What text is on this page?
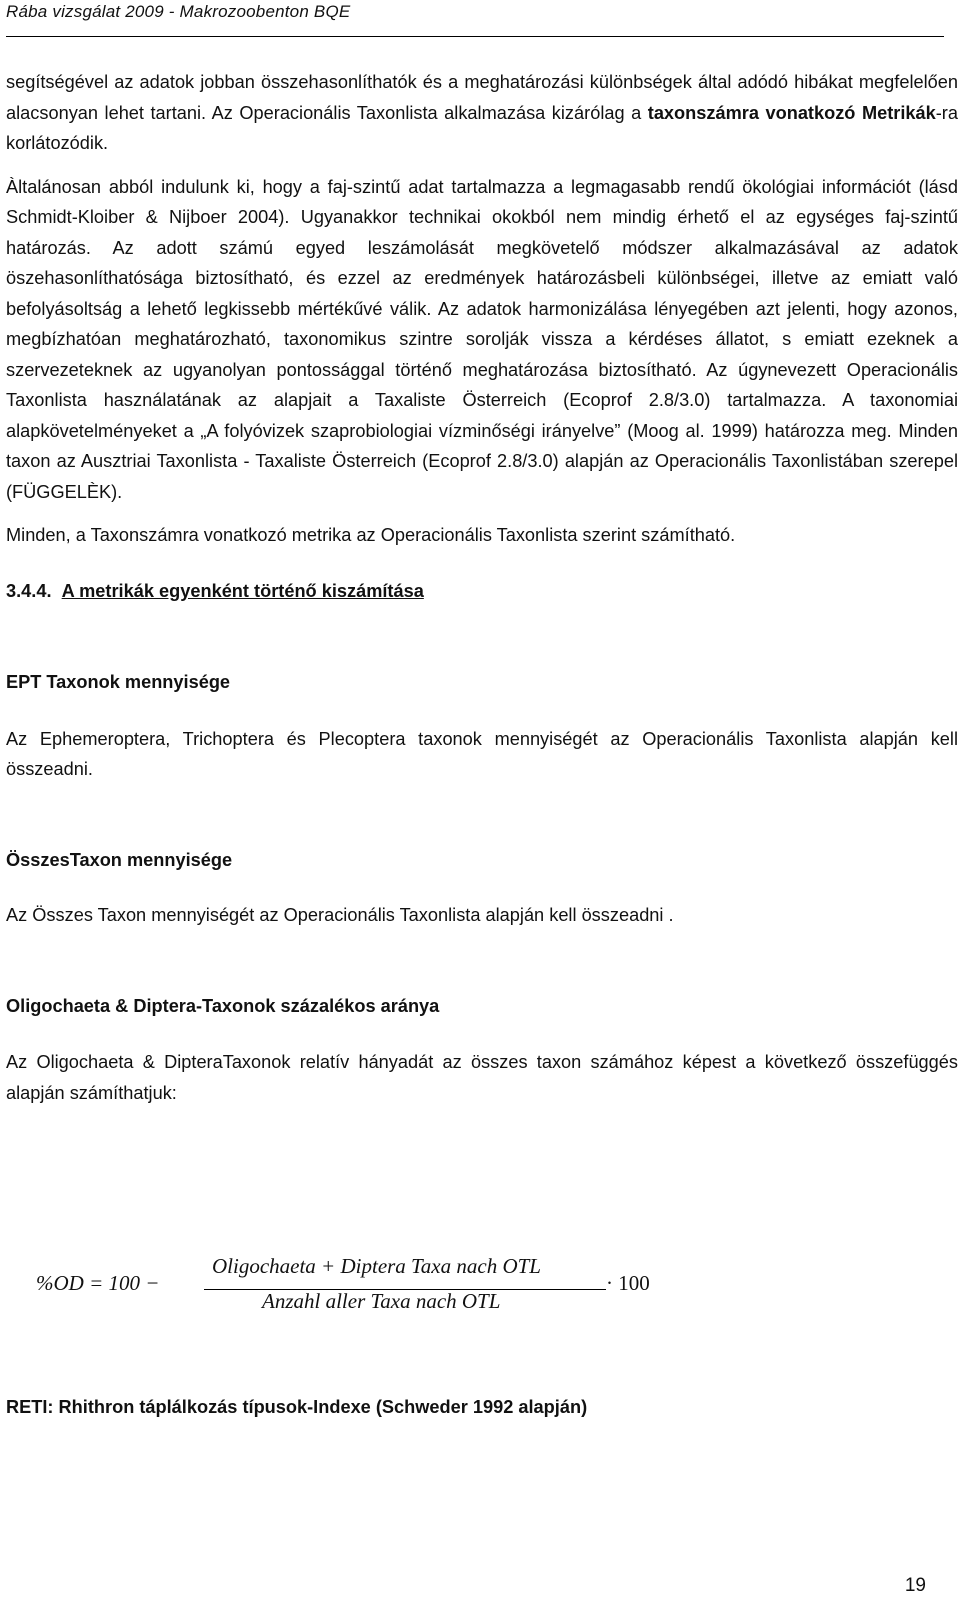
Rába vizsgálat 2009 - Makrozoobenton BQE

segítségével az adatok jobban összehasonlíthatók és a meghatározási különbségek által adódó hibákat megfelelően alacsonyan lehet tartani. Az Operacionális Taxonlista alkalmazása kizárólag a taxonszámra vonatkozó Metrikák-ra korlátozódik.

Àltalánosan abból indulunk ki, hogy a faj-szintű adat tartalmazza a legmagasabb rendű ökológiai információt (lásd Schmidt-Kloiber & Nijboer 2004). Ugyanakkor technikai okokból nem mindig érhető el az egységes faj-szintű határozás. Az adott számú egyed leszámolását megkövetelő módszer alkalmazásával az adatok öszehasonlíthatósága biztosítható, és ezzel az eredmények határozásbeli különbségei, illetve az emiatt való befolyásoltság a lehető legkissebb mértékűvé válik. Az adatok harmonizálása lényegében azt jelenti, hogy azonos, megbízhatóan meghatározható, taxonomikus szintre sorolják vissza a kérdéses állatot, s emiatt ezeknek a szervezeteknek az ugyanolyan pontossággal történő meghatározása biztosítható. Az úgynevezett Operacionális Taxonlista használatának az alapjait a Taxaliste Österreich (Ecoprof 2.8/3.0) tartalmazza. A taxonomiai alapkövetelményeket a „A folyóvizek szaprobiologiai vízminőségi irányelve” (Moog al. 1999) határozza meg. Minden taxon az Ausztriai Taxonlista - Taxaliste Österreich (Ecoprof 2.8/3.0) alapján az Operacionális Taxonlistában szerepel (FÜGGELÈK).

Minden, a Taxonszámra vonatkozó metrika az Operacionális Taxonlista szerint számítható.

3.4.4. A metrikák egyenként történő kiszámítása

EPT Taxonok mennyisége

Az Ephemeroptera, Trichoptera és Plecoptera taxonok mennyiségét az Operacionális Taxonlista alapján kell összeadni.

ÖsszesTaxon mennyisége

Az Összes Taxon mennyiségét az Operacionális Taxonlista alapján kell összeadni .

Oligochaeta & Diptera-Taxonok százalékos aránya

Az Oligochaeta & DipteraTaxonok relatív hányadát az összes taxon számához képest a következő összefüggés alapján számíthatjuk:

%OD = 100 −
Oligochaeta + Diptera Taxa nach OTL
Anzahl aller Taxa nach OTL
· 100

RETI: Rhithron táplálkozás típusok-Indexe (Schweder 1992 alapján)

19
